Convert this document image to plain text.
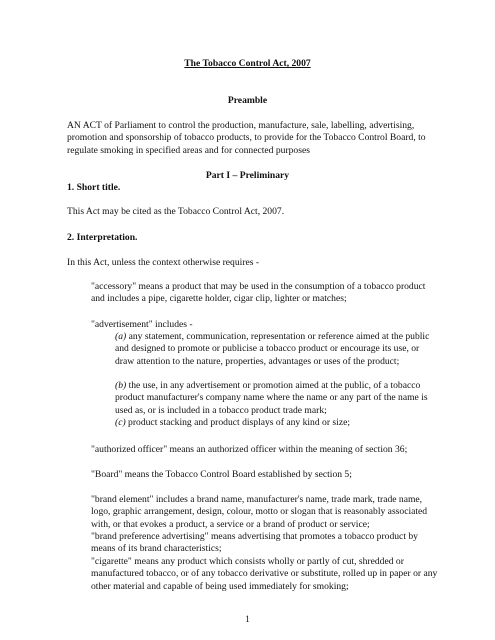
The Tobacco Control Act, 2007
Preamble
AN ACT of Parliament to control the production, manufacture, sale, labelling, advertising, promotion and sponsorship of tobacco products, to provide for the Tobacco Control Board, to regulate smoking in specified areas and for connected purposes
Part I – Preliminary
1. Short title.
This Act may be cited as the Tobacco Control Act, 2007.
2. Interpretation.
In this Act, unless the context otherwise requires -
"accessory" means a product that may be used in the consumption of a tobacco product and includes a pipe, cigarette holder, cigar clip, lighter or matches;
"advertisement" includes -
(a) any statement, communication, representation or reference aimed at the public and designed to promote or publicise a tobacco product or encourage its use, or draw attention to the nature, properties, advantages or uses of the product;
(b) the use, in any advertisement or promotion aimed at the public, of a tobacco product manufacturer's company name where the name or any part of the name is used as, or is included in a tobacco product trade mark;
(c) product stacking and product displays of any kind or size;
"authorized officer" means an authorized officer within the meaning of section 36;
"Board" means the Tobacco Control Board established by section 5;
"brand element" includes a brand name, manufacturer's name, trade mark, trade name, logo, graphic arrangement, design, colour, motto or slogan that is reasonably associated with, or that evokes a product, a service or a brand of product or service;
"brand preference advertising" means advertising that promotes a tobacco product by means of its brand characteristics;
"cigarette" means any product which consists wholly or partly of cut, shredded or manufactured tobacco, or of any tobacco derivative or substitute, rolled up in paper or any other material and capable of being used immediately for smoking;
1
